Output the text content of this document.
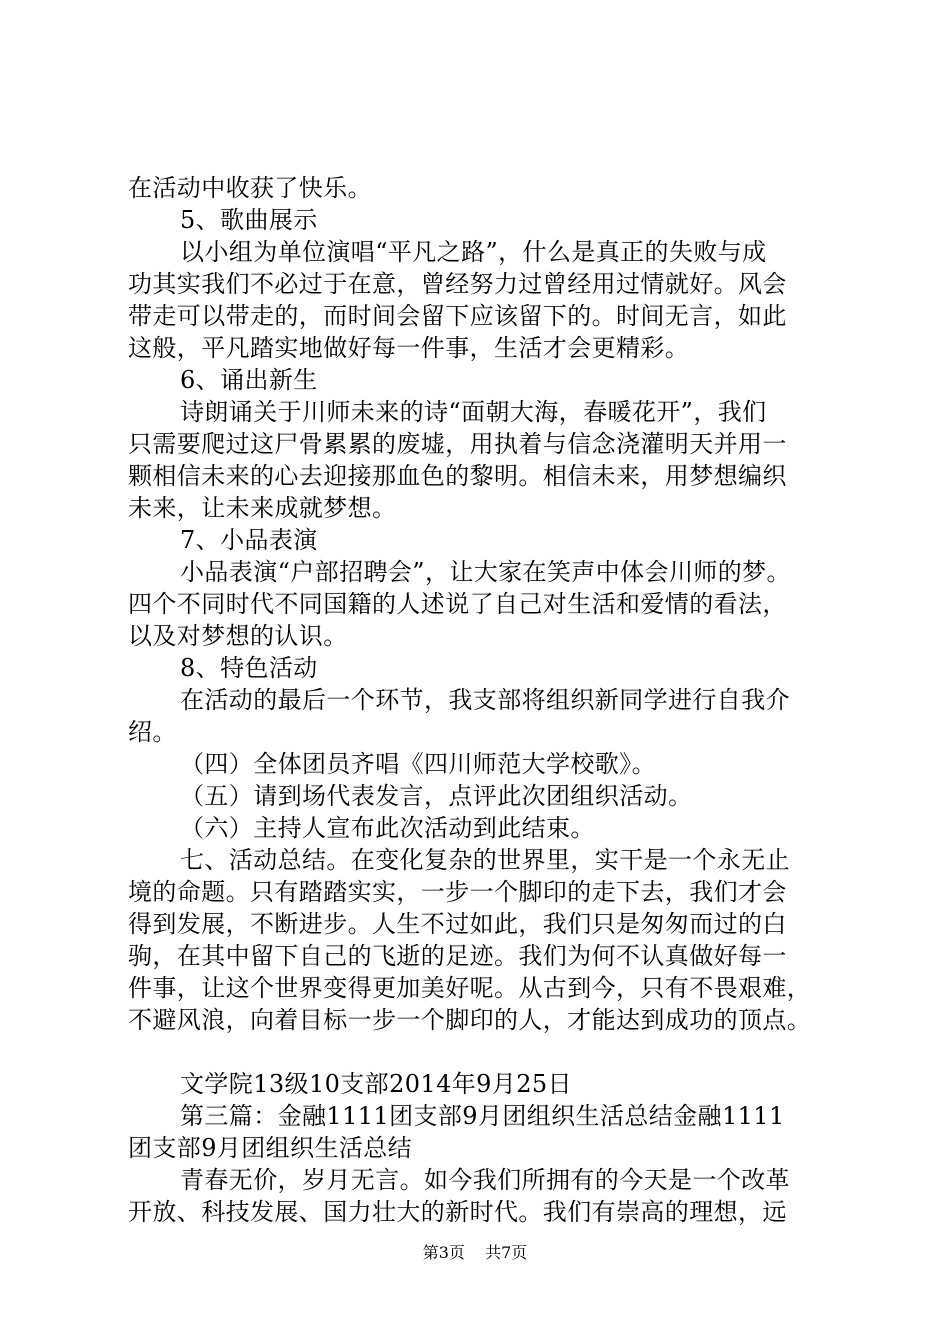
在活动中收获了快乐。
5、歌曲展示
以小组为单位演唱“平凡之路”，什么是真正的失败与成
功其实我们不必过于在意，曾经努力过曾经用过情就好。风会
带走可以带走的，而时间会留下应该留下的。时间无言，如此
这般，平凡踏实地做好每一件事，生活才会更精彩。
6、诵出新生
诗朗诵关于川师未来的诗“面朝大海，春暖花开”，我们
只需要爬过这尸骨累累的废墟，用执着与信念浇灌明天并用一
颗相信未来的心去迎接那血色的黎明。相信未来，用梦想编织
未来，让未来成就梦想。
7、小品表演
小品表演“户部招聘会”，让大家在笑声中体会川师的梦。
四个不同时代不同国籍的人述说了自己对生活和爱情的看法，
以及对梦想的认识。
8、特色活动
在活动的最后一个环节，我支部将组织新同学进行自我介
绍。
（四）全体团员齐唱《四川师范大学校歌》。
（五）请到场代表发言，点评此次团组织活动。
（六）主持人宣布此次活动到此结束。
七、活动总结。在变化复杂的世界里，实干是一个永无止
境的命题。只有踏踏实实，一步一个脚印的走下去，我们才会
得到发展，不断进步。人生不过如此，我们只是匆匆而过的白
驹，在其中留下自己的飞逝的足迹。我们为何不认真做好每一
件事，让这个世界变得更加美好呢。从古到今，只有不畏艰难，
不避风浪，向着目标一步一个脚印的人，才能达到成功的顶点。
文学院13级10支部2014年9月25日
第三篇：金融1111团支部9月团组织生活总结金融1111
团支部9月团组织生活总结
青春无价，岁月无言。如今我们所拥有的今天是一个改革
开放、科技发展、国力壮大的新时代。我们有崇高的理想，远
第3页 共7页
